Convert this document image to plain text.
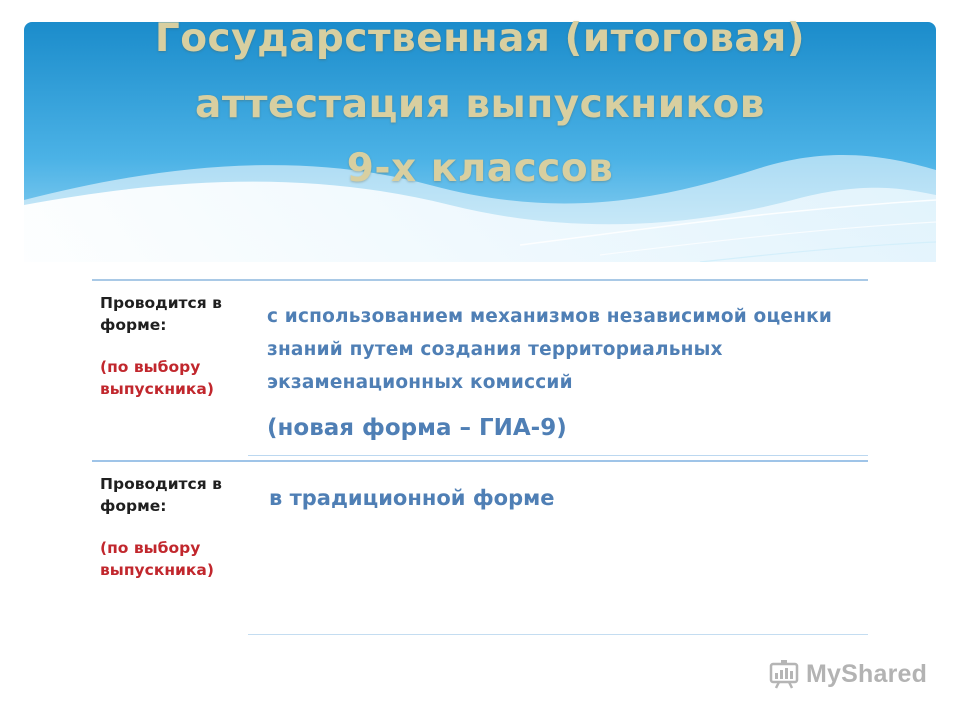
Государственная (итоговая)
аттестация выпускников
9-х классов
Проводится в форме:
(по выбору выпускника)
с использованием механизмов независимой оценки знаний путем создания территориальных экзаменационных комиссий
(новая форма – ГИА-9)
Проводится в форме:
(по выбору выпускника)
в традиционной форме
MyShared
